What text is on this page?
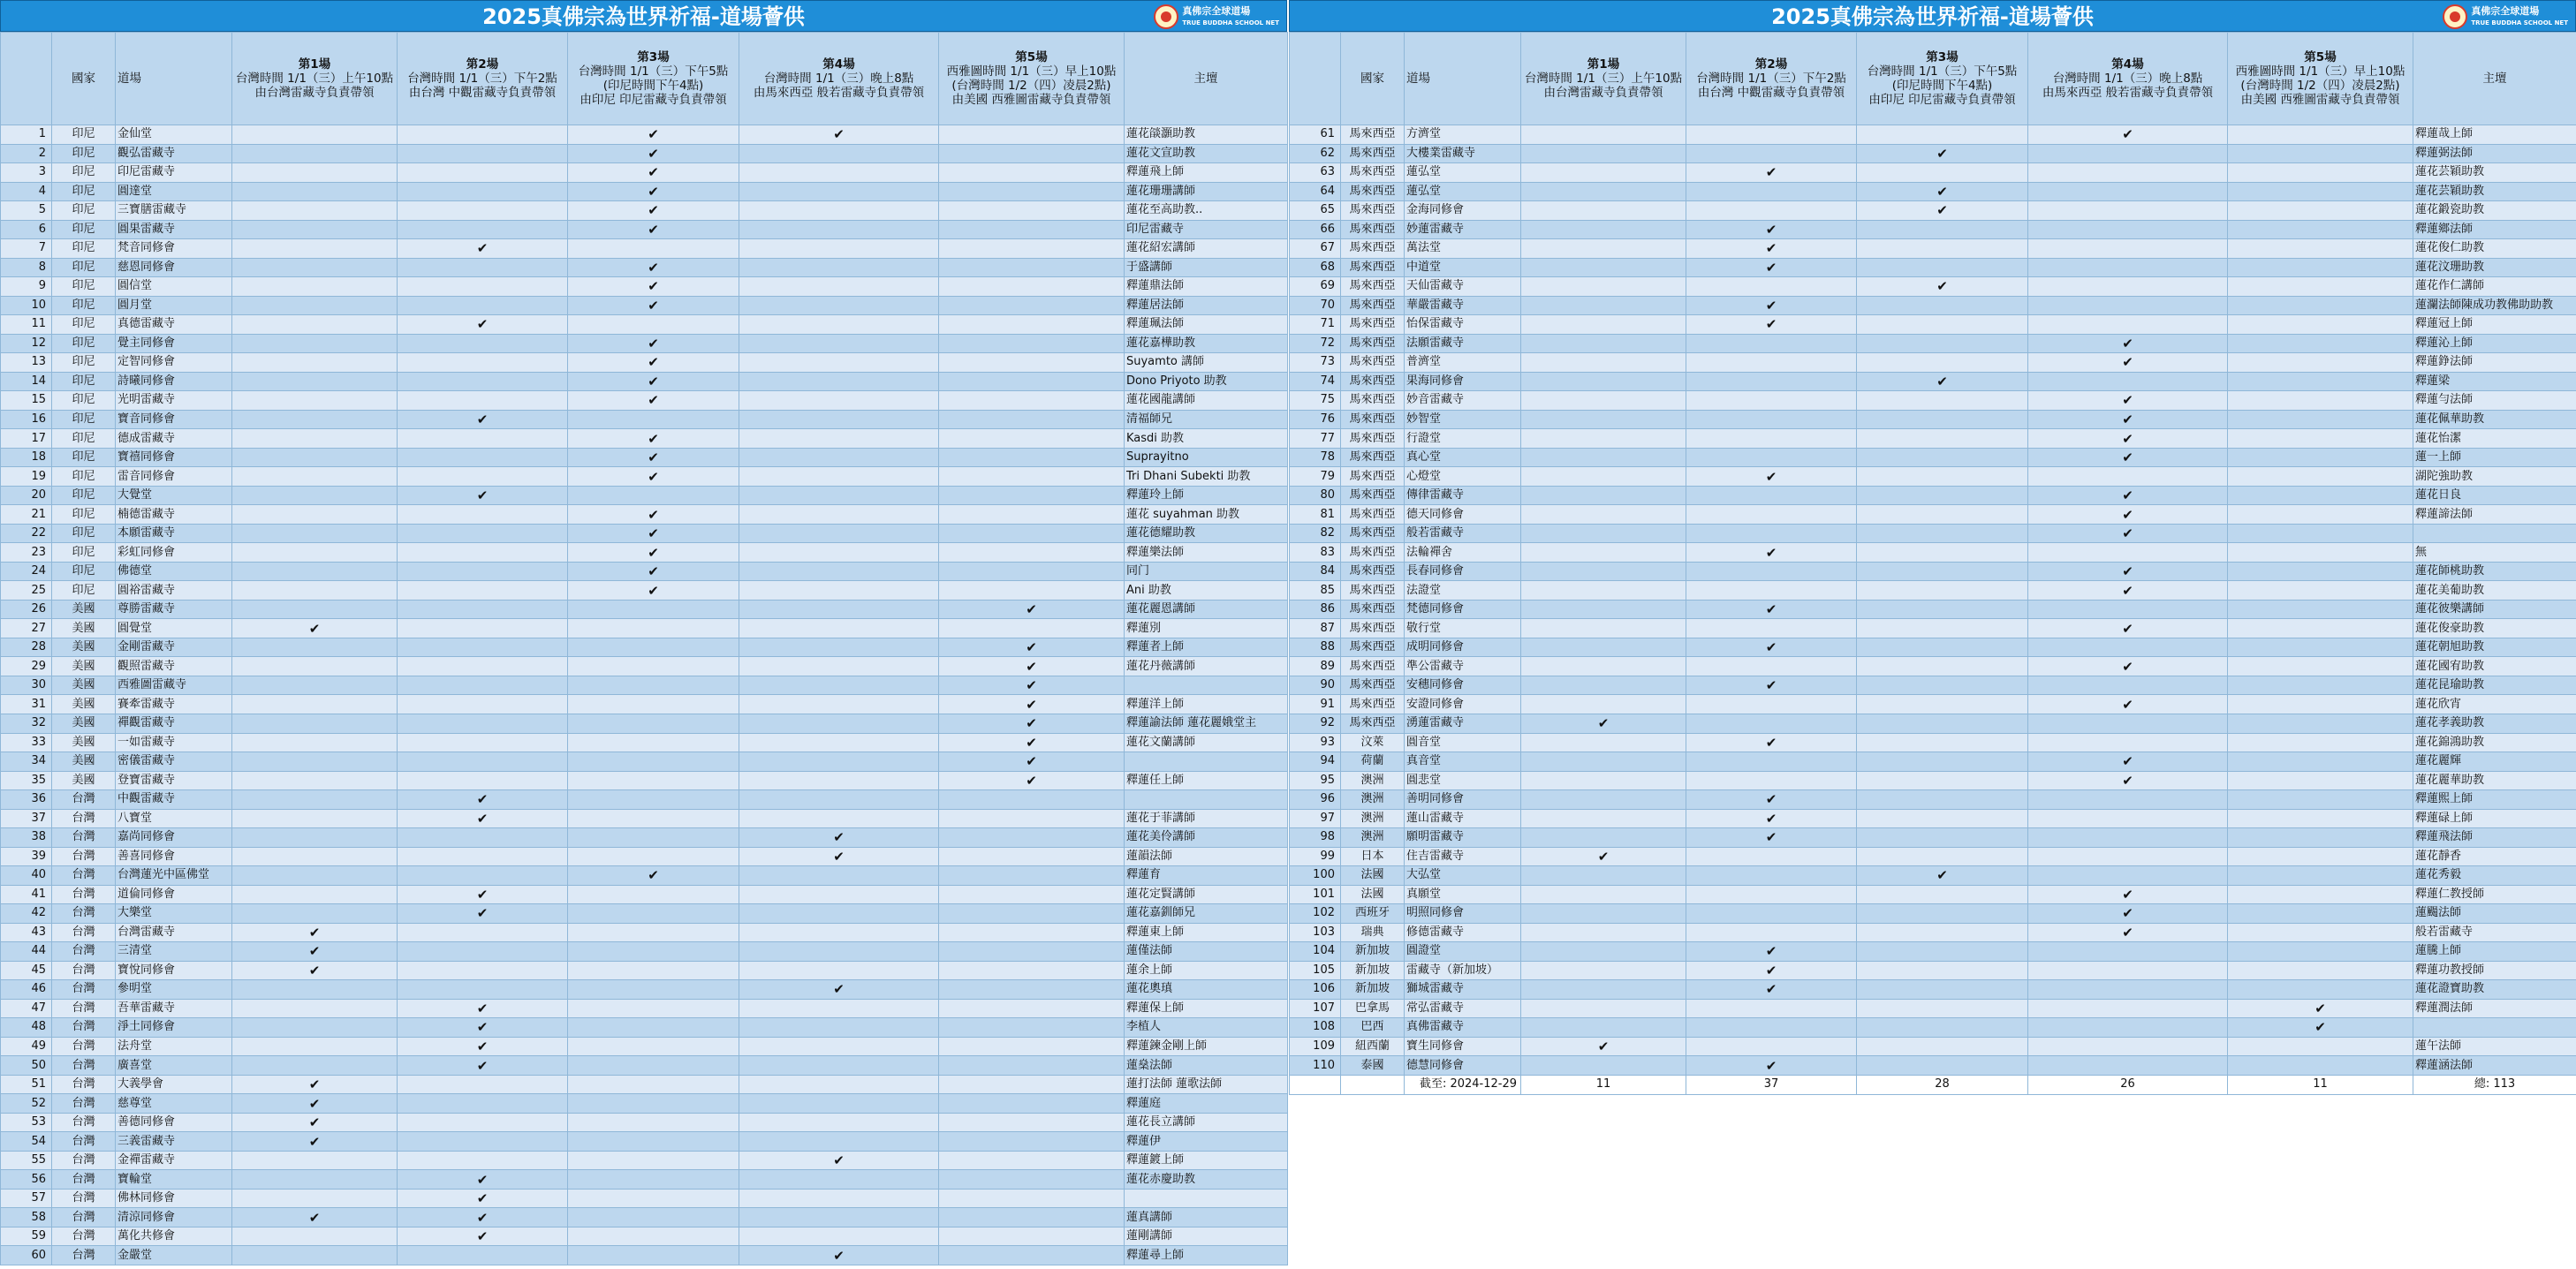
2025真佛宗為世界祈福-道場薈供	真佛宗全球道場
TRUE BUDDHA SCHOOL NET
	國家	道場	第1場
台灣時間 1/1（三）上午10點
由台灣雷藏寺負責帶領	第2場
台灣時間 1/1（三）下午2點
由台灣 中觀雷藏寺負責帶領	第3場
台灣時間 1/1（三）下午5點 (印尼時間下午4點)
由印尼 印尼雷藏寺負責帶領	第4場
台灣時間 1/1（三）晚上8點
由馬來西亞 般若雷藏寺負責帶領	第5場
西雅圖時間 1/1（三）早上10點 (台灣時間 1/2（四）凌晨2點)
由美國 西雅圖雷藏寺負責帶領	主壇
1	印尼	金仙堂			✔	✔		蓮花燄灝助教
2	印尼	觀弘雷藏寺			✔			蓮花文宣助教
3	印尼	印尼雷藏寺			✔			釋蓮飛上師
4	印尼	圓達堂			✔			蓮花珊珊講師
5	印尼	三寶膳雷藏寺			✔			蓮花至高助教..
6	印尼	圓果雷藏寺			✔			印尼雷藏寺
7	印尼	梵音同修會		✔				蓮花紹宏講師
8	印尼	慈恩同修會			✔			于盛講師
9	印尼	圓信堂			✔			釋蓮鼎法師
10	印尼	圓月堂			✔			釋蓮居法師
11	印尼	真德雷藏寺		✔				釋蓮珮法師
12	印尼	覺主同修會			✔			蓮花嘉樺助教
13	印尼	定智同修會			✔			Suyamto 講師
14	印尼	詩曦同修會			✔			Dono Priyoto 助教
15	印尼	光明雷藏寺			✔			蓮花國龍講師
16	印尼	寶音同修會		✔				清福師兄
17	印尼	德成雷藏寺			✔			Kasdi 助教
18	印尼	寶禧同修會			✔			Suprayitno
19	印尼	雷音同修會			✔			Tri Dhani Subekti 助教
20	印尼	大覺堂		✔				釋蓮玲上師
21	印尼	楠德雷藏寺			✔			蓮花 suyahman 助教
22	印尼	本願雷藏寺			✔			蓮花德耀助教
23	印尼	彩虹同修會			✔			釋蓮樂法師
24	印尼	佛德堂			✔			同门
25	印尼	圓裕雷藏寺			✔			Ani 助教
26	美國	尊勝雷藏寺					✔	蓮花麗恩講師
27	美國	圓覺堂	✔					釋蓮別
28	美國	金剛雷藏寺					✔	釋蓮者上師
29	美國	觀照雷藏寺					✔	蓮花丹薇講師
30	美國	西雅圖雷藏寺					✔	
31	美國	賽牽雷藏寺					✔	釋蓮洋上師
32	美國	禪觀雷藏寺					✔	釋蓮諭法師 蓮花麗娥堂主
33	美國	一如雷藏寺					✔	蓮花文蘭講師
34	美國	密儀雷藏寺					✔	
35	美國	登寶雷藏寺					✔	釋蓮任上師
36	台灣	中觀雷藏寺		✔				
37	台灣	八寶堂		✔				蓮花于菲講師
38	台灣	嘉尚同修會				✔		蓮花美伶講師
39	台灣	善喜同修會				✔		蓮韻法師
40	台灣	台灣蓮光中區佛堂			✔			釋蓮育
41	台灣	道倫同修會		✔				蓮花定賢講師
42	台灣	大樂堂		✔				蓮花嘉釧師兄
43	台灣	台灣雷藏寺	✔					釋蓮東上師
44	台灣	三清堂	✔					蓮僅法師
45	台灣	寶悅同修會	✔					蓮余上師
46	台灣	參明堂				✔		蓮花奧瑱
47	台灣	吾華雷藏寺		✔				釋蓮保上師
48	台灣	淨土同修會		✔				李植人
49	台灣	法舟堂		✔				釋蓮鍊金剛上師
50	台灣	廣喜堂		✔				蓮燊法師
51	台灣	大義學會	✔					蓮打法師 蓮歌法師
52	台灣	慈尊堂	✔					釋蓮庭
53	台灣	善德同修會	✔					蓮花長立講師
54	台灣	三義雷藏寺	✔					釋蓮伊
55	台灣	金禪雷藏寺				✔		釋蓮鍍上師
56	台灣	寶輪堂		✔				蓮花赤慶助教
57	台灣	佛林同修會		✔				
58	台灣	清涼同修會	✔	✔				蓮真講師
59	台灣	萬化共修會		✔				蓮剛講師
60	台灣	金嚴堂				✔		釋蓮尋上師
2025真佛宗為世界祈福-道場薈供	真佛宗全球道場
TRUE BUDDHA SCHOOL NET
	國家	道場	第1場
台灣時間 1/1（三）上午10點
由台灣雷藏寺負責帶領	第2場
台灣時間 1/1（三）下午2點
由台灣 中觀雷藏寺負責帶領	第3場
台灣時間 1/1（三）下午5點 (印尼時間下午4點)
由印尼 印尼雷藏寺負責帶領	第4場
台灣時間 1/1（三）晚上8點
由馬來西亞 般若雷藏寺負責帶領	第5場
西雅圖時間 1/1（三）早上10點 (台灣時間 1/2（四）凌晨2點)
由美國 西雅圖雷藏寺負責帶領	主壇
61	馬來西亞	方濟堂				✔		釋蓮哉上師
62	馬來西亞	大樓業雷藏寺			✔			釋蓮弼法師
63	馬來西亞	蓮弘堂		✔				蓮花芸穎助教
64	馬來西亞	蓮弘堂			✔			蓮花芸穎助教
65	馬來西亞	金海同修會			✔			蓮花鍛瓷助教
66	馬來西亞	妙蓮雷藏寺		✔				釋蓮鄉法師
67	馬來西亞	萬法堂		✔				蓮花俊仁助教
68	馬來西亞	中道堂		✔				蓮花汶珊助教
69	馬來西亞	天仙雷藏寺			✔			蓮花作仁講師
70	馬來西亞	華嚴雷藏寺		✔				蓮瀾法師陳成功教佛助助教
71	馬來西亞	怡保雷藏寺		✔				釋蓮冠上師
72	馬來西亞	法願雷藏寺				✔		釋蓮沁上師
73	馬來西亞	普濟堂				✔		釋蓮錚法師
74	馬來西亞	果海同修會			✔			釋蓮梁
75	馬來西亞	妙音雷藏寺				✔		釋蓮勻法師
76	馬來西亞	妙智堂				✔		蓮花佩華助教
77	馬來西亞	行證堂				✔		蓮花怡潔
78	馬來西亞	真心堂				✔		蓮一上師
79	馬來西亞	心燈堂		✔				湖陀強助教
80	馬來西亞	傳律雷藏寺				✔		蓮花日良
81	馬來西亞	德天同修會				✔		釋蓮諦法師
82	馬來西亞	般若雷藏寺				✔		
83	馬來西亞	法輪禪舍		✔				無
84	馬來西亞	長春同修會				✔		蓮花師桃助教
85	馬來西亞	法證堂				✔		蓮花美葡助教
86	馬來西亞	梵德同修會		✔				蓮花彼樂講師
87	馬來西亞	敬行堂				✔		蓮花俊豪助教
88	馬來西亞	成明同修會		✔				蓮花朝旭助教
89	馬來西亞	準公雷藏寺				✔		蓮花國宥助教
90	馬來西亞	安穗同修會		✔				蓮花昆瑜助教
91	馬來西亞	安證同修會				✔		蓮花欣宵
92	馬來西亞	湧蓮雷藏寺	✔					蓮花孝義助教
93	汶萊	圓音堂		✔				蓮花錦鴻助教
94	荷蘭	真音堂				✔		蓮花麗輝
95	澳洲	圓悲堂				✔		蓮花麗華助教
96	澳洲	善明同修會		✔				釋蓮熙上師
97	澳洲	蓮山雷藏寺		✔				釋蓮碌上師
98	澳洲	願明雷藏寺		✔				釋蓮飛法師
99	日本	住吉雷藏寺	✔					蓮花靜香
100	法國	大弘堂			✔			蓮花秀毅
101	法國	真願堂				✔		釋蓮仁教授師
102	西班牙	明照同修會				✔		蓮颺法師
103	瑞典	修德雷藏寺				✔		般若雷藏寺
104	新加坡	圓證堂		✔				蓮騰上師
105	新加坡	雷藏寺（新加坡）		✔				釋蓮功教授師
106	新加坡	獅城雷藏寺		✔				蓮花證寶助教
107	巴拿馬	常弘雷藏寺					✔	釋蓮潤法師
108	巴西	真佛雷藏寺					✔	
109	紐西蘭	寶生同修會	✔					蓮午法師
110	泰國	德慧同修會		✔				釋蓮涵法師
		截至: 2024-12-29	11	37	28	26	11	總: 113
